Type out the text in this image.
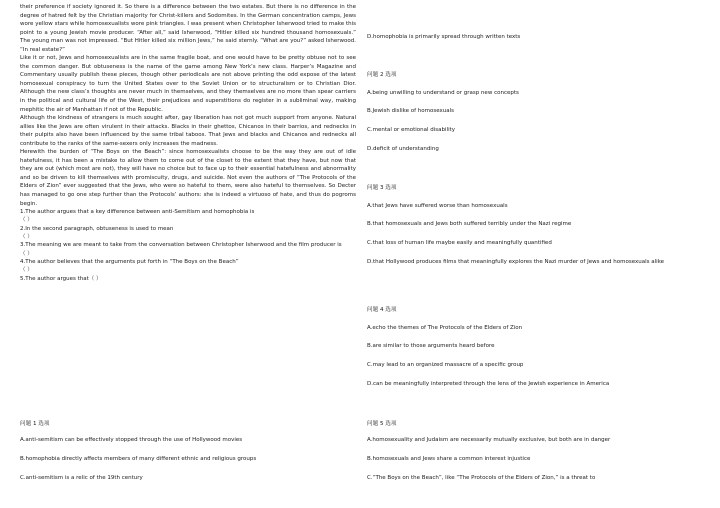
their preference if society ignored it. So there is a difference between the two estates. But there is no difference in the degree of hatred felt by the Christian majority for Christ-killers and Sodomites. In the German concentration camps, Jews wore yellow stars while homosexualists wore pink triangles. I was present when Christopher Isherwood tried to make this point to a young Jewish movie producer. “After all,” said Isherwood, “Hitler killed six hundred thousand homosexuals.” The young man was not impressed. “But Hitler killed six million Jews,” he said sternly. “What are you?” asked Isherwood. “In real estate?”

Like it or not, Jews and homosexualists are in the same fragile boat, and one would have to be pretty obtuse not to see the common danger. But obtuseness is the name of the game among New York’s new class. Harper’s Magazine and Commentary usually publish these pieces, though other periodicals are not above printing the odd expose of the latest homosexual conspiracy to turn the United States over to the Soviet Union or to structuralism or to Christian Dior. Although the new class’s thoughts are never much in themselves, and they themselves are no more than spear carriers in the political and cultural life of the West, their prejudices and superstitions do register in a subliminal way, making mephitic the air of Manhattan if not of the Republic.

Although the kindness of strangers is much sought after, gay liberation has not got much support from anyone. Natural allies like the Jews are often virulent in their attacks. Blacks in their ghettos, Chicanos in their barrios, and rednecks in their pulpits also have been influenced by the same tribal taboos. That Jews and blacks and Chicanos and rednecks all contribute to the ranks of the same-sexers only increases the madness.

Herewith the burden of “The Boys on the Beach”: since homosexualists choose to be the way they are out of idle hatefulness, it has been a mistake to allow them to come out of the closet to the extent that they have, but now that they are out (which most are not), they will have no choice but to face up to their essential hatefulness and abnormality and so be driven to kill themselves with promiscuity, drugs, and suicide. Not even the authors of “The Protocols of the Elders of Zion” ever suggested that the Jews, who were so hateful to them, were also hateful to themselves. So Decter has managed to go one step further than the Protocols’ authors: she is indeed a virtuoso of hate, and thus do pogroms begin.

1.The author argues that a key difference between anti-Semitism and homophobia is

（ ）

2.In the second paragraph, obtuseness is used to mean

（ ）

3.The meaning we are meant to take from the conversation between Christopher Isherwood and the film producer is

（ ）

4.The author believes that the arguments put forth in “The Boys on the Beach”

（ ）

5.The author argues that（ ）

问题 1 选项

A.anti-semitism can be effectively stopped through the use of Hollywood movies

B.homophobia directly affects members of many different ethnic and religious groups

C.anti-semitism is a relic of the 19th century

D.homophobia is primarily spread through written texts

问题 2 选项

A.being unwilling to understand or grasp new concepts

B.Jewish dislike of homosexuals

C.mental or emotional disability

D.deficit of understanding

问题 3 选项

A.that Jews have suffered worse than homosexuals

B.that homosexuals and Jews both suffered terribly under the Nazi regime

C.that loss of human life maybe easily and meaningfully quantified

D.that Hollywood produces films that meaningfully explores the Nazi murder of Jews and homosexuals alike

问题 4 选项

A.echo the themes of The Protocols of the Elders of Zion

B.are similar to those arguments heard before

C.may lead to an organized massacre of a specific group

D.can be meaningfully interpreted through the lens of the Jewish experience in America

问题 5 选项

A.homosexuality and Judaism are necessarily mutually exclusive, but both are in danger

B.homosexuals and Jews share a common interest injustice

C.“The Boys on the Beach”, like “The Protocols of the Elders of Zion,” is a threat to
